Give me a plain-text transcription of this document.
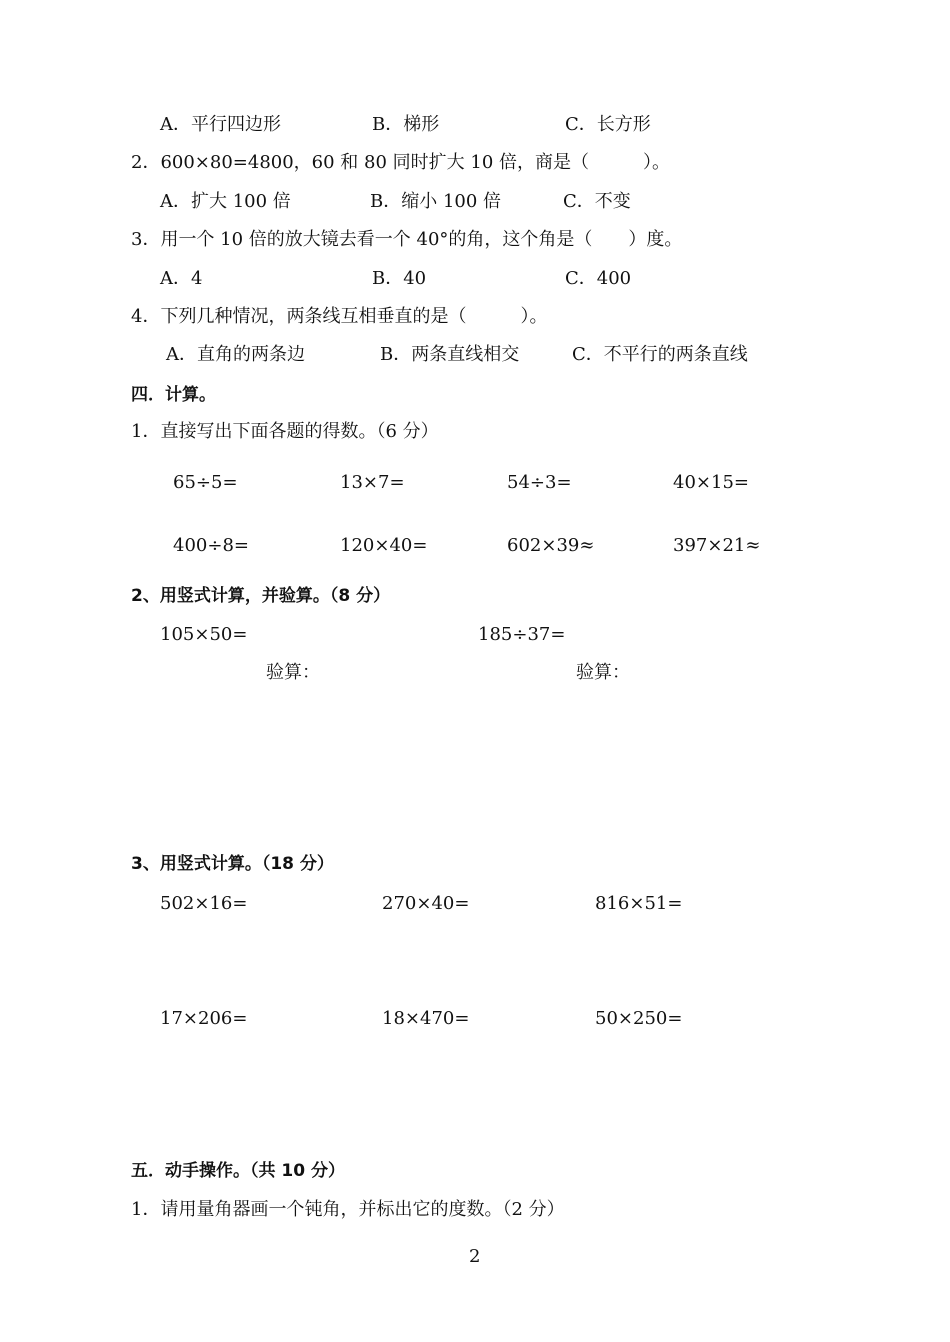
A．平行四边形	B．梯形	C．长方形
2．600×80=4800，60 和 80 同时扩大 10 倍，商是（　　　）。
A．扩大 100 倍	B．缩小 100 倍	C．不变
3．用一个 10 倍的放大镜去看一个 40°的角，这个角是（　　）度。
A．4	B．40	C．400
4．下列几种情况，两条线互相垂直的是（　　　）。
A．直角的两条边	B．两条直线相交	C．不平行的两条直线
四．计算。
1．直接写出下面各题的得数。（6 分）
65÷5=	13×7=	54÷3=	40×15=
400÷8=	120×40=	602×39≈	397×21≈
2、用竖式计算，并验算。（8 分）
105×50=	185÷37=
验算：	验算：
3、用竖式计算。（18 分）
502×16=	270×40=	816×51=
17×206=	18×470=	50×250=
五．动手操作。（共 10 分）
1．请用量角器画一个钝角，并标出它的度数。（2 分）
2
